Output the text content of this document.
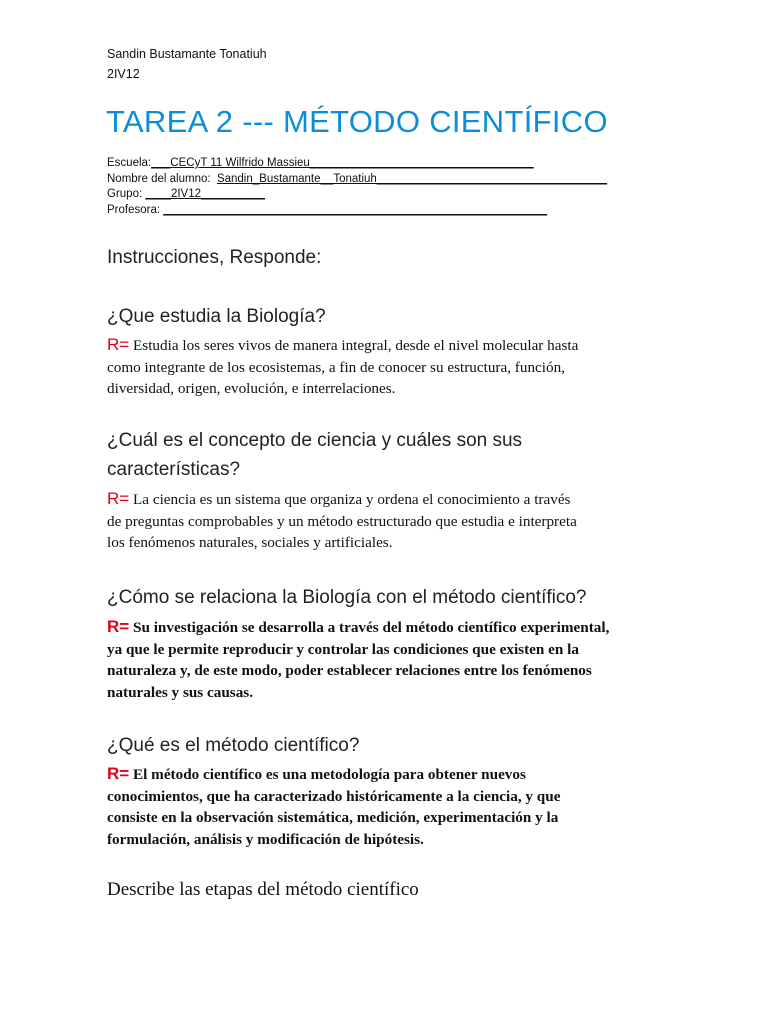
Sandin Bustamante Tonatiuh
2IV12
TAREA 2 --- MÉTODO CIENTÍFICO
Escuela:___CECyT 11 Wilfrido Massieu___________________________________
Nombre del alumno: Sandin_Bustamante__Tonatiuh____________________________________
Grupo: ____2IV12__________
Profesora: ____________________________________________________________
Instrucciones, Responde:
¿Que estudia la Biología?
R= Estudia los seres vivos de manera integral, desde el nivel molecular hasta
como integrante de los ecosistemas, a fin de conocer su estructura, función,
diversidad, origen, evolución, e interrelaciones.
¿Cuál es el concepto de ciencia y cuáles son sus
características?
R= La ciencia es un sistema que organiza y ordena el conocimiento a través
de preguntas comprobables y un método estructurado que estudia e interpreta
los fenómenos naturales, sociales y artificiales.
¿Cómo se relaciona la Biología con el método científico?
R= Su investigación se desarrolla a través del método científico experimental,
ya que le permite reproducir y controlar las condiciones que existen en la
naturaleza y, de este modo, poder establecer relaciones entre los fenómenos
naturales y sus causas.
¿Qué es el método científico?
R= El método científico es una metodología para obtener nuevos
conocimientos, que ha caracterizado históricamente a la ciencia, y que
consiste en la observación sistemática, medición, experimentación y la
formulación, análisis y modificación de hipótesis.
Describe las etapas del método científico
